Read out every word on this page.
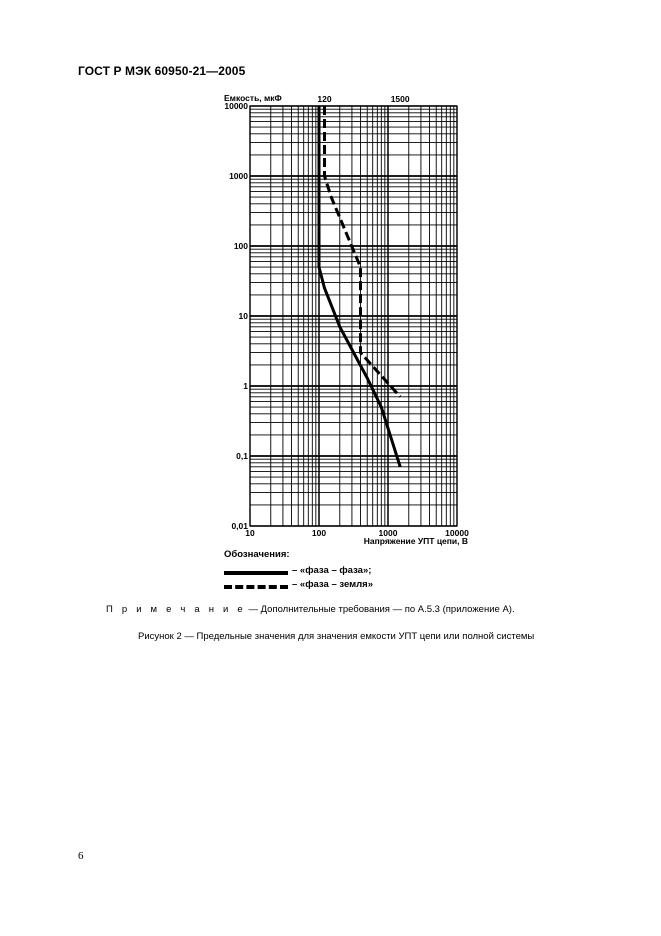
ГОСТ Р МЭК 60950-21—2005
0,01
0,1
1
10
100
1000
10000
10	100	1000	10000
120	1500
Емкость, мкФ
Напряжение УПТ цепи, В
Обозначения:
– «фаза – фаза»;
– «фаза – земля»
П р и м е ч а н и е — Дополнительные требования — по А.5.3 (приложение А).
Рисунок 2 — Предельные значения для значения емкости УПТ цепи или полной системы
6
